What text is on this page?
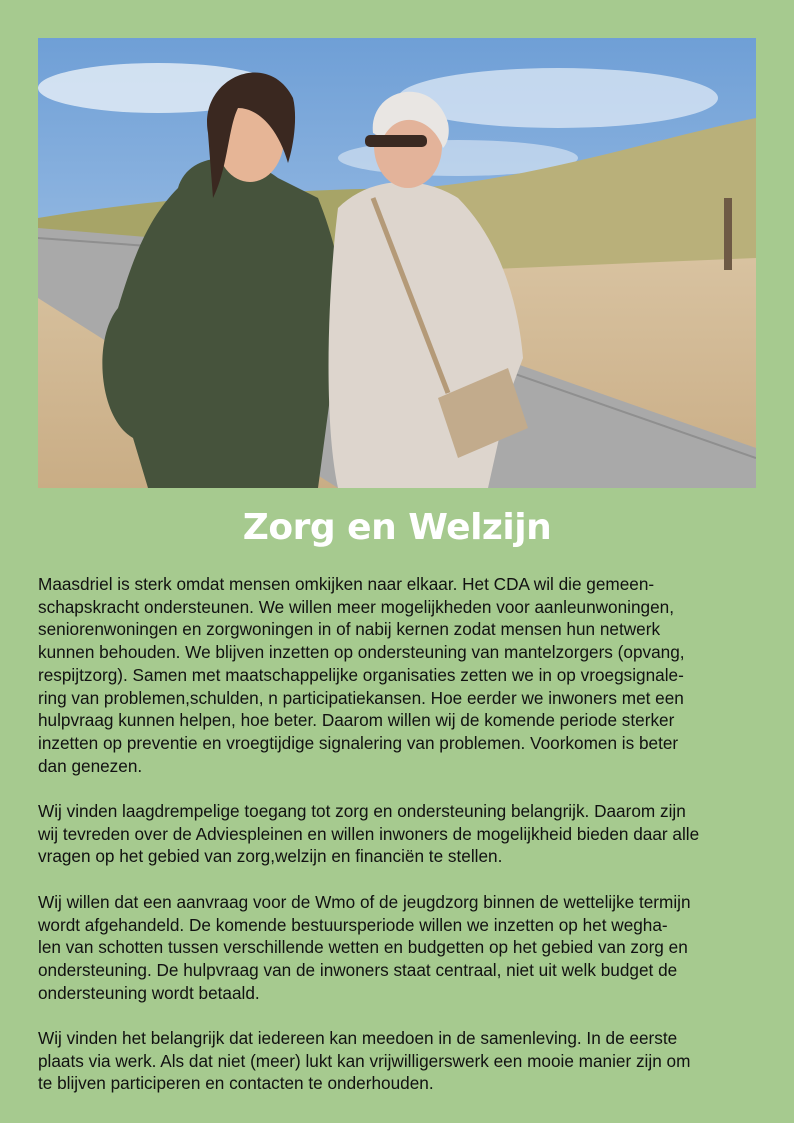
Zorg en Welzijn

Maasdriel is sterk omdat mensen omkijken naar elkaar. Het CDA wil die gemeen-
schapskracht ondersteunen. We willen meer mogelijkheden voor aanleunwoningen,
seniorenwoningen en zorgwoningen in of nabij kernen zodat mensen hun netwerk
kunnen behouden. We blijven inzetten op ondersteuning van mantelzorgers (opvang,
respijtzorg). Samen met maatschappelijke organisaties zetten we in op vroegsignale-
ring van problemen,schulden, n participatiekansen. Hoe eerder we inwoners met een
hulpvraag kunnen helpen, hoe beter. Daarom willen wij de komende periode sterker
inzetten op preventie en vroegtijdige signalering van problemen. Voorkomen is beter
dan genezen.

Wij vinden laagdrempelige toegang tot zorg en ondersteuning belangrijk. Daarom zijn
wij tevreden over de Adviespleinen en willen inwoners de mogelijkheid bieden daar alle
vragen op het gebied van zorg,welzijn en financiën te stellen.

Wij willen dat een aanvraag voor de Wmo of de jeugdzorg binnen de wettelijke termijn
wordt afgehandeld. De komende bestuursperiode willen we inzetten op het wegha-
len van schotten tussen verschillende wetten en budgetten op het gebied van zorg en
ondersteuning. De hulpvraag van de inwoners staat centraal, niet uit welk budget de
ondersteuning wordt betaald.

Wij vinden het belangrijk dat iedereen kan meedoen in de samenleving. In de eerste
plaats via werk. Als dat niet (meer) lukt kan vrijwilligerswerk een mooie manier zijn om
te blijven participeren en contacten te onderhouden.
